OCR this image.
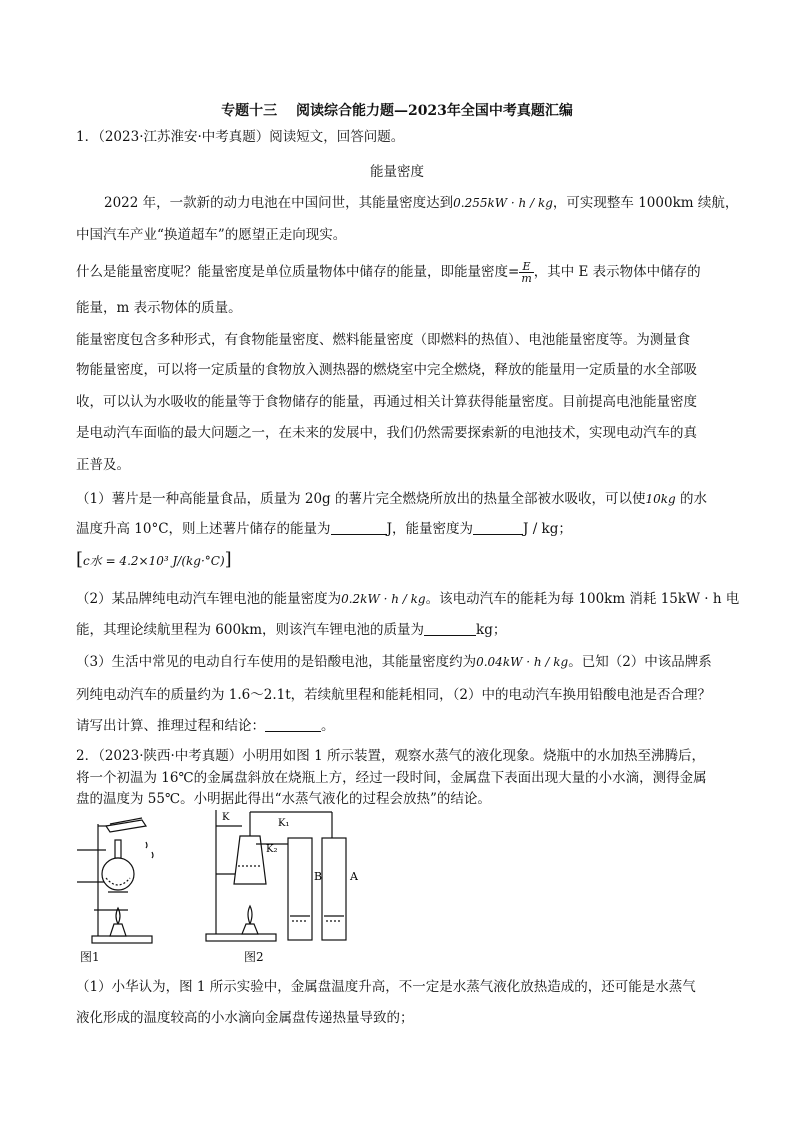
专题十三　 阅读综合能力题—2023年全国中考真题汇编
1．（2023·江苏淮安·中考真题）阅读短文，回答问题。
能量密度
2022 年，一款新的动力电池在中国问世，其能量密度达到0.255kW · h / kg，可实现整车 1000km 续航，
中国汽车产业“换道超车”的愿望正走向现实。
什么是能量密度呢？能量密度是单位质量物体中储存的能量，即能量密度= $\frac{E}{m}$ ，其中 E 表示物体中储存的
能量，m 表示物体的质量。
能量密度包含多种形式，有食物能量密度、燃料能量密度（即燃料的热值）、电池能量密度等。为测量食
物能量密度，可以将一定质量的食物放入测热器的燃烧室中完全燃烧，释放的能量用一定质量的水全部吸
收，可以认为水吸收的能量等于食物储存的能量，再通过相关计算获得能量密度。目前提高电池能量密度
是电动汽车面临的最大问题之一，在未来的发展中，我们仍然需要探索新的电池技术，实现电动汽车的真
正普及。
（1）薯片是一种高能量食品，质量为 20g 的薯片完全燃烧所放出的热量全部被水吸收，可以使10kg 的水
温度升高 10°C，则上述薯片储存的能量为	J，能量密度为	J / kg；
[c水 = 4.2×10³ J/(kg·°C)]
（2）某品牌纯电动汽车锂电池的能量密度为0.2kW · h / kg。该电动汽车的能耗为每 100km 消耗 15kW · h 电
能，其理论续航里程为 600km，则该汽车锂电池的质量为	kg；
（3）生活中常见的电动自行车使用的是铅酸电池，其能量密度约为0.04kW · h / kg。已知（2）中该品牌系
列纯电动汽车的质量约为 1.6～2.1t，若续航里程和能耗相同，（2）中的电动汽车换用铅酸电池是否合理？
请写出计算、推理过程和结论：	。
2．（2023·陕西·中考真题）小明用如图 1 所示装置，观察水蒸气的液化现象。烧瓶中的水加热至沸腾后，
将一个初温为 16℃的金属盘斜放在烧瓶上方，经过一段时间，金属盘下表面出现大量的小水滴，测得金属
盘的温度为 55℃。小明据此得出“水蒸气液化的过程会放热”的结论。
图1
K
K₁
K₂
B	A
图2
（1）小华认为，图 1 所示实验中，金属盘温度升高，不一定是水蒸气液化放热造成的，还可能是水蒸气
液化形成的温度较高的小水滴向金属盘传递热量导致的；
